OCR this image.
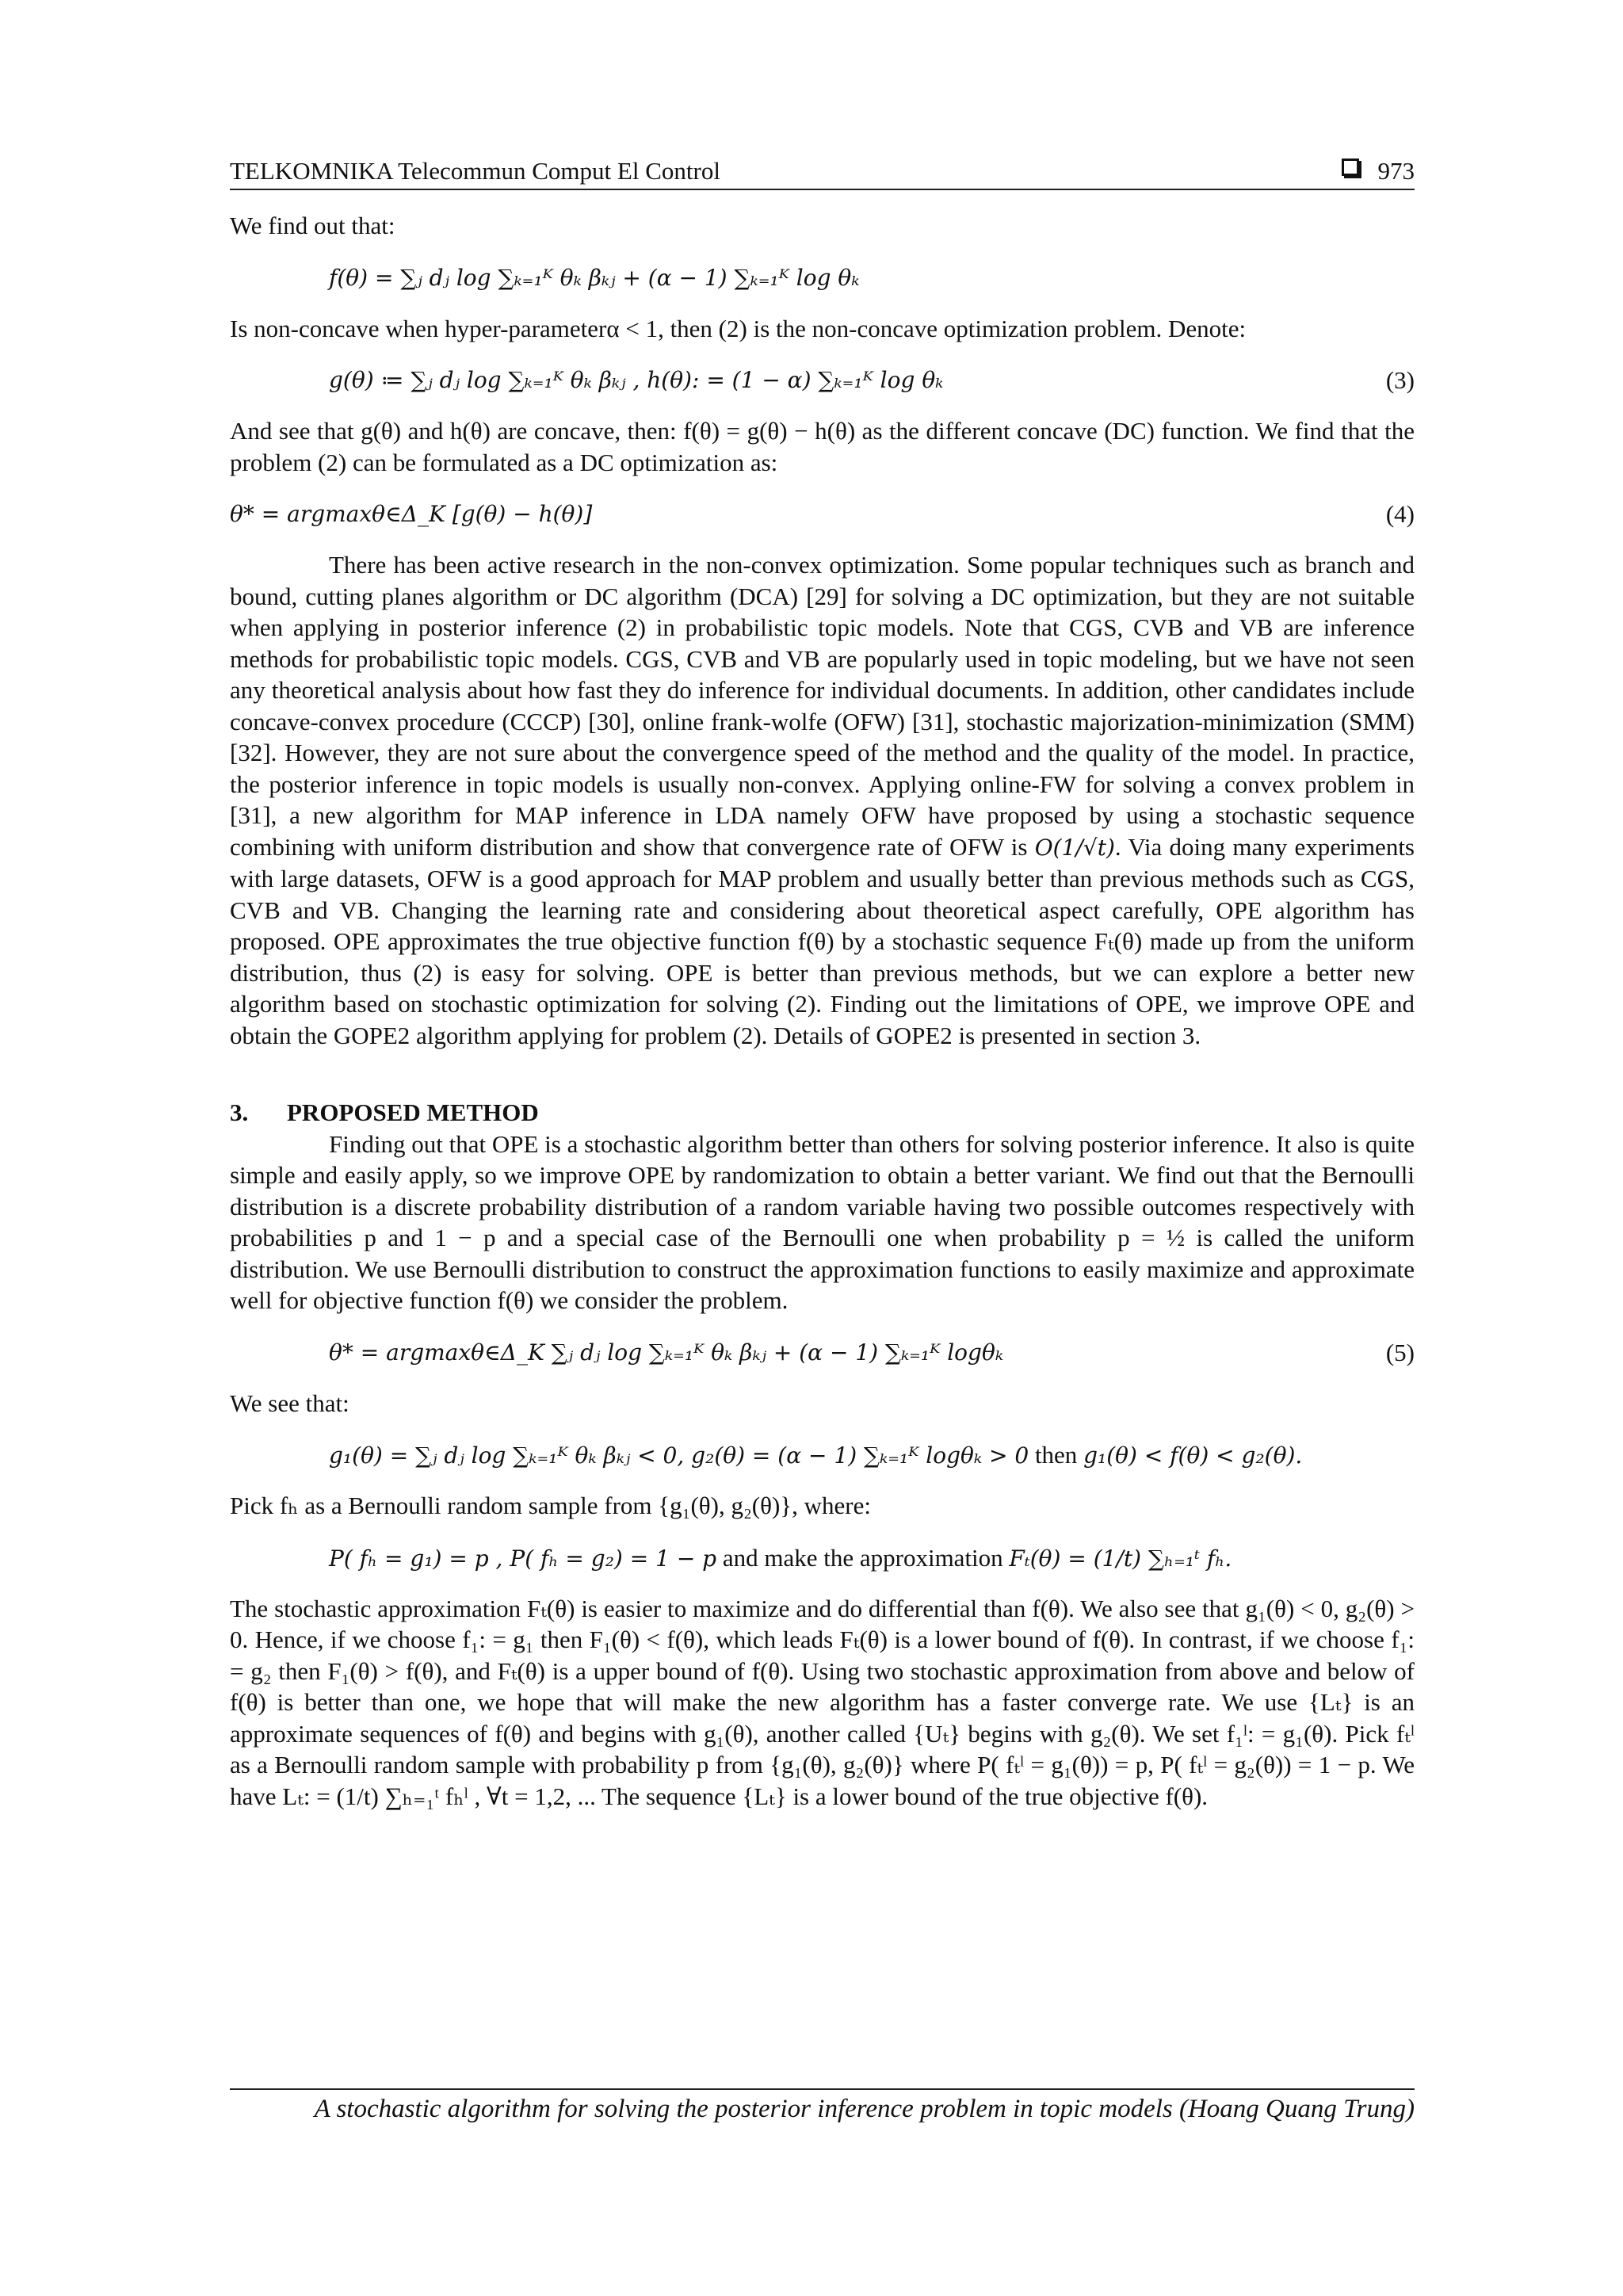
TELKOMNIKA Telecommun Comput El Control	973

We find out that:

f(θ) = ∑ⱼ dⱼ log ∑ₖ₌₁ᴷ θₖ βₖⱼ + (α − 1) ∑ₖ₌₁ᴷ log θₖ

Is non-concave when hyper-parameterα < 1, then (2) is the non-concave optimization problem. Denote:

g(θ) ≔ ∑ⱼ dⱼ log ∑ₖ₌₁ᴷ θₖ βₖⱼ , h(θ): = (1 − α) ∑ₖ₌₁ᴷ log θₖ	(3)

And see that g(θ) and h(θ) are concave, then: f(θ) = g(θ) − h(θ) as the different concave (DC) function. We find that the problem (2) can be formulated as a DC optimization as:

θ* = argmaxθ∈Δ_K [g(θ) − h(θ)]	(4)

There has been active research in the non-convex optimization. Some popular techniques such as branch and bound, cutting planes algorithm or DC algorithm (DCA) [29] for solving a DC optimization, but they are not suitable when applying in posterior inference (2) in probabilistic topic models. Note that CGS, CVB and VB are inference methods for probabilistic topic models. CGS, CVB and VB are popularly used in topic modeling, but we have not seen any theoretical analysis about how fast they do inference for individual documents. In addition, other candidates include concave-convex procedure (CCCP) [30], online frank-wolfe (OFW) [31], stochastic majorization-minimization (SMM) [32]. However, they are not sure about the convergence speed of the method and the quality of the model. In practice, the posterior inference in topic models is usually non-convex. Applying online-FW for solving a convex problem in [31], a new algorithm for MAP inference in LDA namely OFW have proposed by using a stochastic sequence combining with uniform distribution and show that convergence rate of OFW is O(1/√t). Via doing many experiments with large datasets, OFW is a good approach for MAP problem and usually better than previous methods such as CGS, CVB and VB. Changing the learning rate and considering about theoretical aspect carefully, OPE algorithm has proposed. OPE approximates the true objective function f(θ) by a stochastic sequence Fₜ(θ) made up from the uniform distribution, thus (2) is easy for solving. OPE is better than previous methods, but we can explore a better new algorithm based on stochastic optimization for solving (2). Finding out the limitations of OPE, we improve OPE and obtain the GOPE2 algorithm applying for problem (2). Details of GOPE2 is presented in section 3.

3. PROPOSED METHOD

Finding out that OPE is a stochastic algorithm better than others for solving posterior inference. It also is quite simple and easily apply, so we improve OPE by randomization to obtain a better variant. We find out that the Bernoulli distribution is a discrete probability distribution of a random variable having two possible outcomes respectively with probabilities p and 1 − p and a special case of the Bernoulli one when probability p = ½ is called the uniform distribution. We use Bernoulli distribution to construct the approximation functions to easily maximize and approximate well for objective function f(θ) we consider the problem.

θ* = argmaxθ∈Δ_K ∑ⱼ dⱼ log ∑ₖ₌₁ᴷ θₖ βₖⱼ + (α − 1) ∑ₖ₌₁ᴷ logθₖ	(5)

We see that:

g₁(θ) = ∑ⱼ dⱼ log ∑ₖ₌₁ᴷ θₖ βₖⱼ < 0, g₂(θ) = (α − 1) ∑ₖ₌₁ᴷ logθₖ > 0 then g₁(θ) < f(θ) < g₂(θ).

Pick fₕ as a Bernoulli random sample from {g₁(θ), g₂(θ)}, where:

P( fₕ = g₁) = p , P( fₕ = g₂) = 1 − p and make the approximation Fₜ(θ) = (1/t) ∑ₕ₌₁ᵗ fₕ.

The stochastic approximation Fₜ(θ) is easier to maximize and do differential than f(θ). We also see that g₁(θ) < 0, g₂(θ) > 0. Hence, if we choose f₁: = g₁ then F₁(θ) < f(θ), which leads Fₜ(θ) is a lower bound of f(θ). In contrast, if we choose f₁: = g₂ then F₁(θ) > f(θ), and Fₜ(θ) is a upper bound of f(θ). Using two stochastic approximation from above and below of f(θ) is better than one, we hope that will make the new algorithm has a faster converge rate. We use {Lₜ} is an approximate sequences of f(θ) and begins with g₁(θ), another called {Uₜ} begins with g₂(θ). We set f₁ˡ: = g₁(θ). Pick fₜˡ as a Bernoulli random sample with probability p from {g₁(θ), g₂(θ)} where P( fₜˡ = g₁(θ)) = p, P( fₜˡ = g₂(θ)) = 1 − p. We have Lₜ: = (1/t) ∑ₕ₌₁ᵗ fₕˡ , ∀t = 1,2, ... The sequence {Lₜ} is a lower bound of the true objective f(θ).

A stochastic algorithm for solving the posterior inference problem in topic models (Hoang Quang Trung)
